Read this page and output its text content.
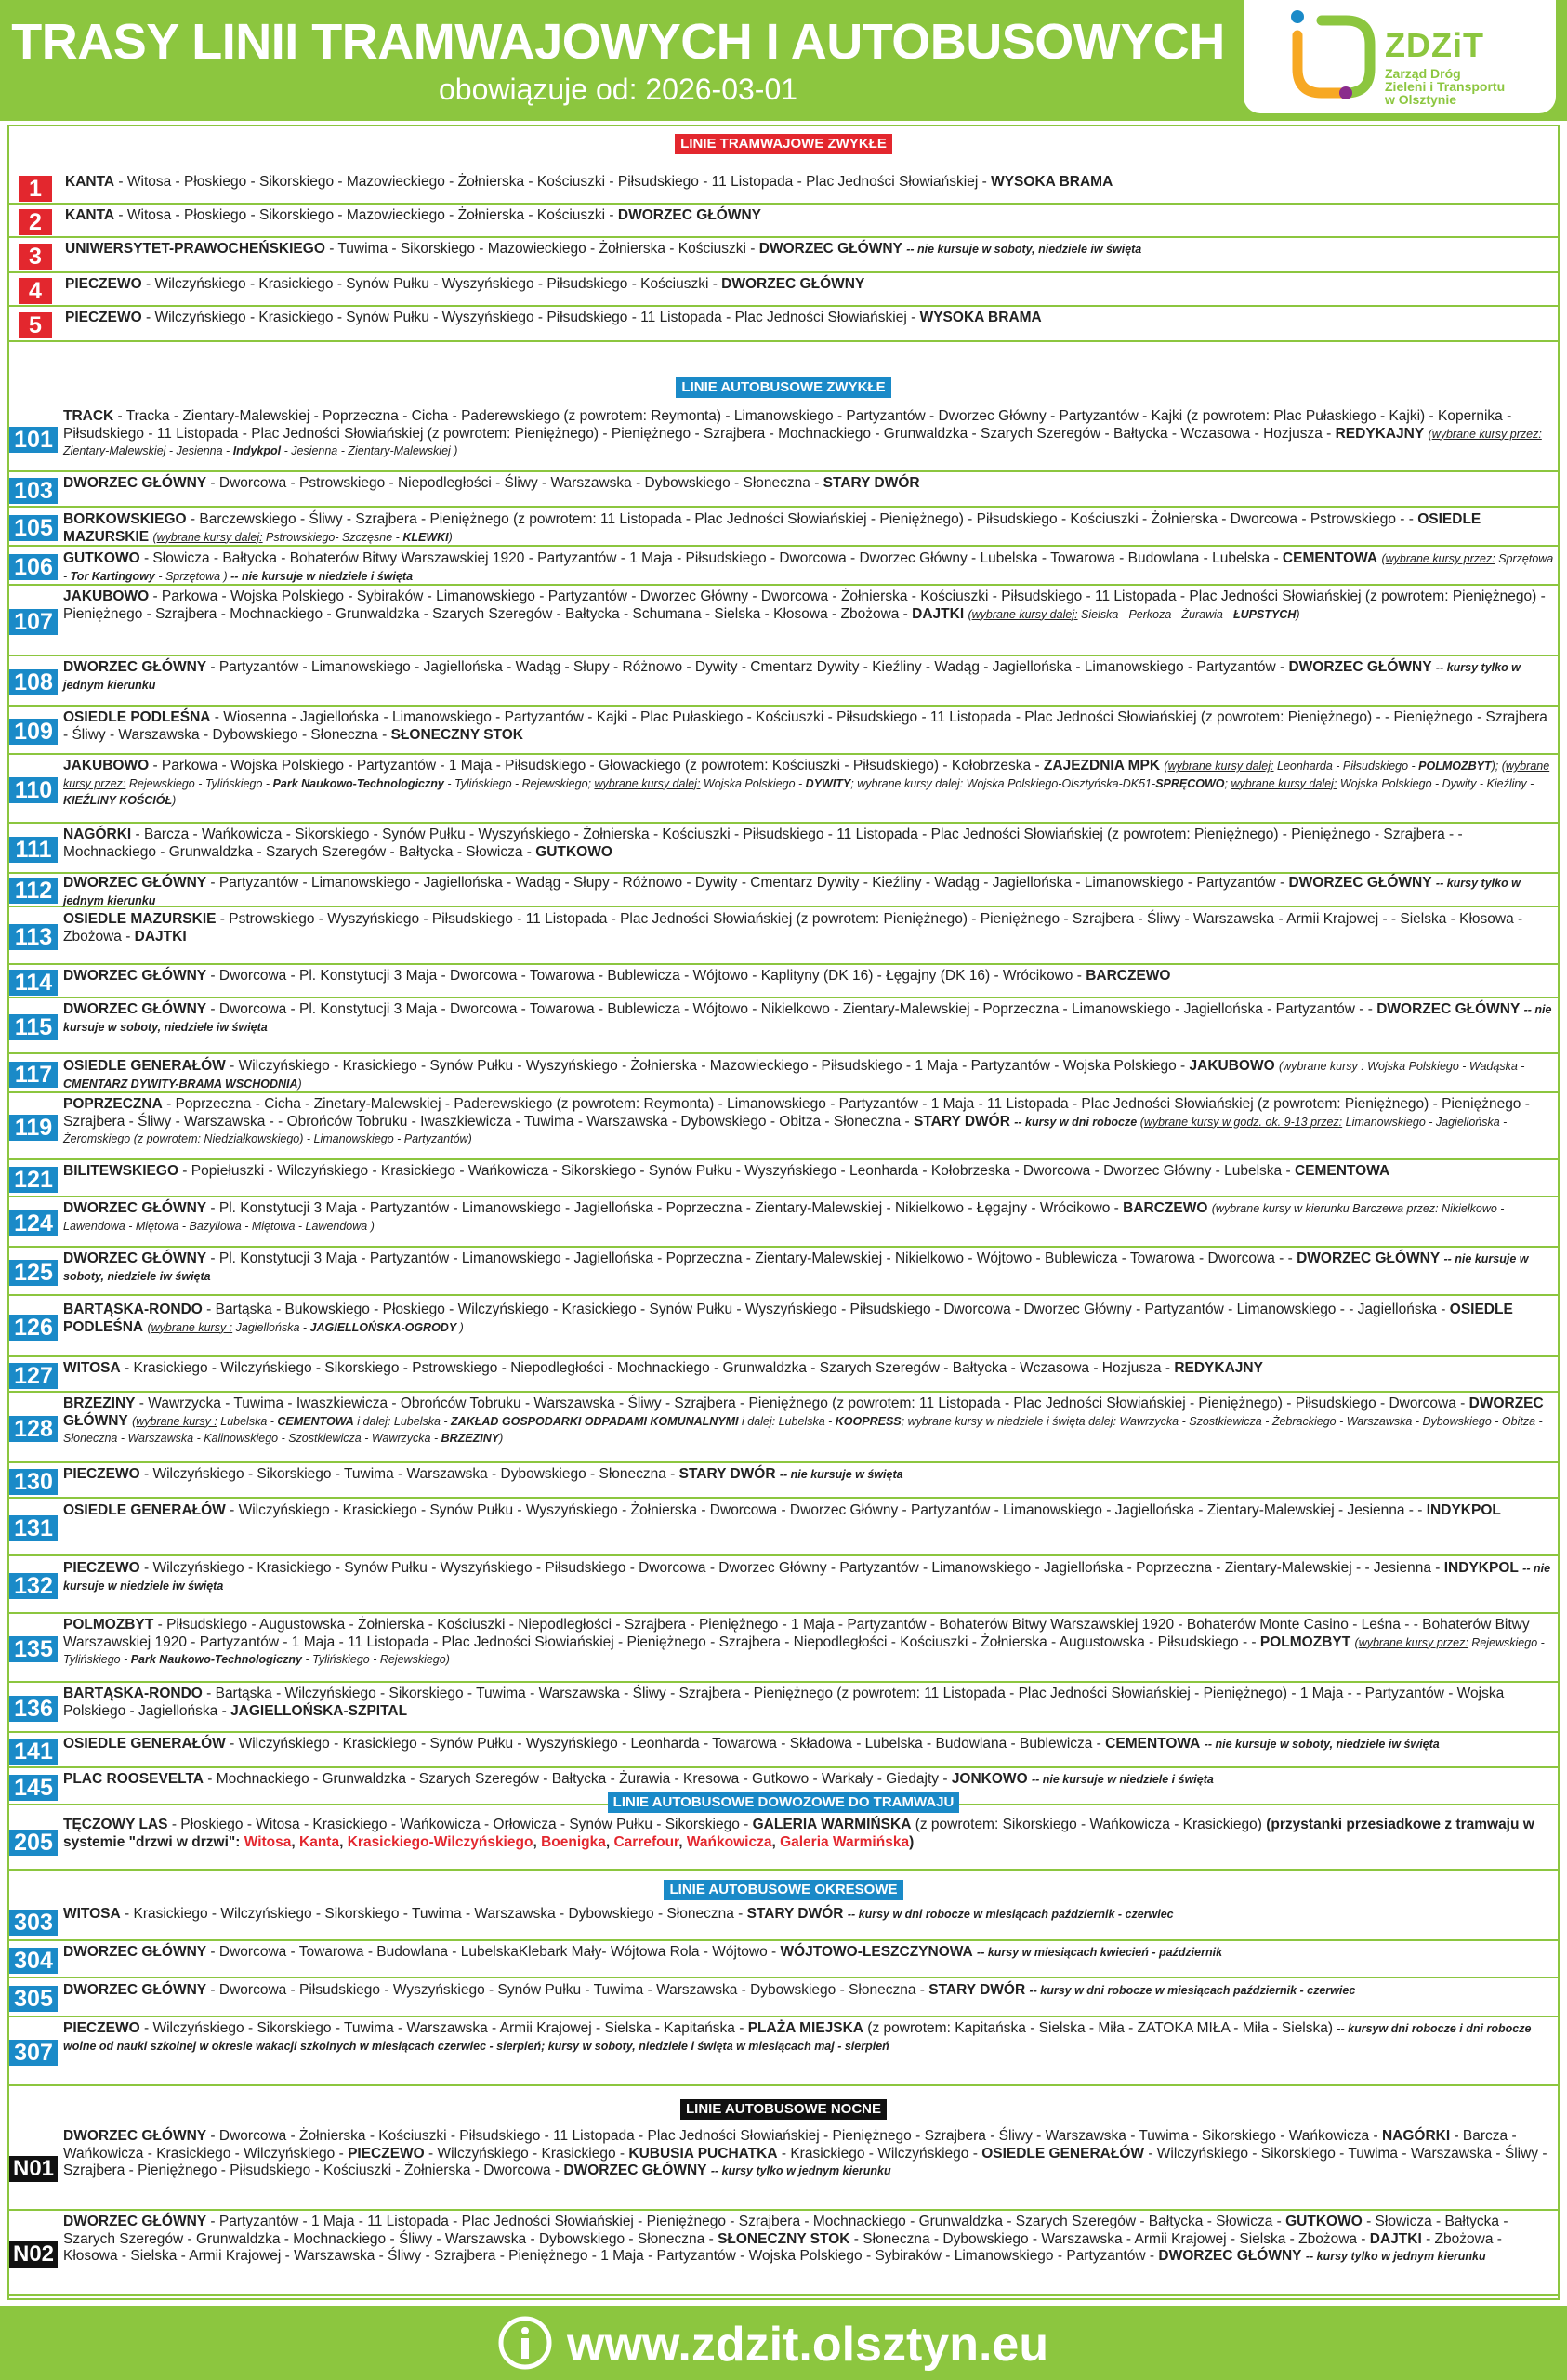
TRASY LINII TRAMWAJOWYCH I AUTOBUSOWYCH
obowiązuje od: 2026-03-01
ZDZiT
Zarząd Dróg
Zieleni i Transportu
w Olsztynie
LINIE TRAMWAJOWE ZWYKŁE
1	KANTA - Witosa - Płoskiego - Sikorskiego - Mazowieckiego - Żołnierska - Kościuszki - Piłsudskiego - 11 Listopada - Plac Jedności Słowiańskiej - WYSOKA BRAMA
2	KANTA - Witosa - Płoskiego - Sikorskiego - Mazowieckiego - Żołnierska - Kościuszki - DWORZEC GŁÓWNY
3	UNIWERSYTET-PRAWOCHEŃSKIEGO - Tuwima - Sikorskiego - Mazowieckiego - Żołnierska - Kościuszki - DWORZEC GŁÓWNY -- nie kursuje w soboty, niedziele iw święta
4	PIECZEWO - Wilczyńskiego - Krasickiego - Synów Pułku - Wyszyńskiego - Piłsudskiego - Kościuszki - DWORZEC GŁÓWNY
5	PIECZEWO - Wilczyńskiego - Krasickiego - Synów Pułku - Wyszyńskiego - Piłsudskiego - 11 Listopada - Plac Jedności Słowiańskiej - WYSOKA BRAMA
LINIE AUTOBUSOWE ZWYKŁE
101
TRACK - Tracka - Zientary-Malewskiej - Poprzeczna - Cicha - Paderewskiego (z powrotem: Reymonta) - Limanowskiego - Partyzantów - Dworzec Główny - Partyzantów - Kajki (z powrotem: Plac Pułaskiego - Kajki) - Kopernika - Piłsudskiego - 11 Listopada - Plac Jedności Słowiańskiej (z powrotem: Pieniężnego) - Pieniężnego - Szrajbera - Mochnackiego - Grunwaldzka - Szarych Szeregów - Bałtycka - Wczasowa - Hozjusza - REDYKAJNY (wybrane kursy przez: Zientary-Malewskiej - Jesienna - Indykpol - Jesienna - Zientary-Malewskiej )
103 DWORZEC GŁÓWNY - Dworcowa - Pstrowskiego - Niepodległości - Śliwy - Warszawska - Dybowskiego - Słoneczna - STARY DWÓR
105 BORKOWSKIEGO - Barczewskiego - Śliwy - Szrajbera - Pieniężnego (z powrotem: 11 Listopada - Plac Jedności Słowiańskiej - Pieniężnego) - Piłsudskiego - Kościuszki - Żołnierska - Dworcowa - Pstrowskiego - - OSIEDLE MAZURSKIE (wybrane kursy dalej: Pstrowskiego- Szczęsne - KLEWKI)
106 GUTKOWO - Słowicza - Bałtycka - Bohaterów Bitwy Warszawskiej 1920 - Partyzantów - 1 Maja - Piłsudskiego - Dworcowa - Dworzec Główny - Lubelska - Towarowa - Budowlana - Lubelska - CEMENTOWA (wybrane kursy przez: Sprzętowa - Tor Kartingowy - Sprzętowa ) -- nie kursuje w niedziele i święta
107
JAKUBOWO - Parkowa - Wojska Polskiego - Sybiraków - Limanowskiego - Partyzantów - Dworzec Główny - Dworcowa - Żołnierska - Kościuszki - Piłsudskiego - 11 Listopada - Plac Jedności Słowiańskiej (z powrotem: Pieniężnego) - Pieniężnego - Szrajbera - Mochnackiego - Grunwaldzka - Szarych Szeregów - Bałtycka - Schumana - Sielska - Kłosowa - Zbożowa - DAJTKI (wybrane kursy dalej: Sielska - Perkoza - Żurawia - ŁUPSTYCH)
108
DWORZEC GŁÓWNY - Partyzantów - Limanowskiego - Jagiellońska - Wadąg - Słupy - Różnowo - Dywity - Cmentarz Dywity - Kieźliny - Wadąg - Jagiellońska - Limanowskiego - Partyzantów - DWORZEC GŁÓWNY -- kursy tylko w jednym kierunku
109
OSIEDLE PODLEŚNA - Wiosenna - Jagiellońska - Limanowskiego - Partyzantów - Kajki - Plac Pułaskiego - Kościuszki - Piłsudskiego - 11 Listopada - Plac Jedności Słowiańskiej (z powrotem: Pieniężnego) - - Pieniężnego - Szrajbera - Śliwy - Warszawska - Dybowskiego - Słoneczna - SŁONECZNY STOK
110
JAKUBOWO - Parkowa - Wojska Polskiego - Partyzantów - 1 Maja - Piłsudskiego - Głowackiego (z powrotem: Kościuszki - Piłsudskiego) - Kołobrzeska - ZAJEZDNIA MPK (wybrane kursy dalej: Leonharda - Piłsudskiego - POLMOZBYT); (wybrane kursy przez: Rejewskiego - Tylińskiego - Park Naukowo-Technologiczny - Tylińskiego - Rejewskiego; wybrane kursy dalej: Wojska Polskiego - DYWITY; wybrane kursy dalej: Wojska Polskiego-Olsztyńska-DK51-SPRĘCOWO; wybrane kursy dalej: Wojska Polskiego - Dywity - Kieźliny - KIEŹLINY KOŚCIÓŁ)
111
NAGÓRKI - Barcza - Wańkowicza - Sikorskiego - Synów Pułku - Wyszyńskiego - Żołnierska - Kościuszki - Piłsudskiego - 11 Listopada - Plac Jedności Słowiańskiej (z powrotem: Pieniężnego) - Pieniężnego - Szrajbera - - Mochnackiego - Grunwaldzka - Szarych Szeregów - Bałtycka - Słowicza - GUTKOWO
112 DWORZEC GŁÓWNY - Partyzantów - Limanowskiego - Jagiellońska - Wadąg - Słupy - Różnowo - Dywity - Cmentarz Dywity - Kieźliny - Wadąg - Jagiellońska - Limanowskiego - Partyzantów - DWORZEC GŁÓWNY -- kursy tylko w jednym kierunku
113
OSIEDLE MAZURSKIE - Pstrowskiego - Wyszyńskiego - Piłsudskiego - 11 Listopada - Plac Jedności Słowiańskiej (z powrotem: Pieniężnego) - Pieniężnego - Szrajbera - Śliwy - Warszawska - Armii Krajowej - - Sielska - Kłosowa - Zbożowa - DAJTKI
114 DWORZEC GŁÓWNY - Dworcowa - Pl. Konstytucji 3 Maja - Dworcowa - Towarowa - Bublewicza - Wójtowo - Kaplityny (DK 16) - Łęgajny (DK 16) - Wrócikowo - BARCZEWO
115
DWORZEC GŁÓWNY - Dworcowa - Pl. Konstytucji 3 Maja - Dworcowa - Towarowa - Bublewicza - Wójtowo - Nikielkowo - Zientary-Malewskiej - Poprzeczna - Limanowskiego - Jagiellońska - Partyzantów - - DWORZEC GŁÓWNY -- nie kursuje w soboty, niedziele iw święta
117 OSIEDLE GENERAŁÓW - Wilczyńskiego - Krasickiego - Synów Pułku - Wyszyńskiego - Żołnierska - Mazowieckiego - Piłsudskiego - 1 Maja - Partyzantów - Wojska Polskiego - JAKUBOWO (wybrane kursy : Wojska Polskiego - Wadąska - CMENTARZ DYWITY-BRAMA WSCHODNIA)
119
POPRZECZNA - Poprzeczna - Cicha - Zinetary-Malewskiej - Paderewskiego (z powrotem: Reymonta) - Limanowskiego - Partyzantów - 1 Maja - 11 Listopada - Plac Jedności Słowiańskiej (z powrotem: Pieniężnego) - Pieniężnego - Szrajbera - Śliwy - Warszawska - - Obrońców Tobruku - Iwaszkiewicza - Tuwima - Warszawska - Dybowskiego - Obitza - Słoneczna - STARY DWÓR -- kursy w dni robocze (wybrane kursy w godz. ok. 9-13 przez: Limanowskiego - Jagiellońska - Żeromskiego (z powrotem: Niedziałkowskiego) - Limanowskiego - Partyzantów)
121 BILITEWSKIEGO - Popiełuszki - Wilczyńskiego - Krasickiego - Wańkowicza - Sikorskiego - Synów Pułku - Wyszyńskiego - Leonharda - Kołobrzeska - Dworcowa - Dworzec Główny - Lubelska - CEMENTOWA
124
DWORZEC GŁÓWNY - Pl. Konstytucji 3 Maja - Partyzantów - Limanowskiego - Jagiellońska - Poprzeczna - Zientary-Malewskiej - Nikielkowo - Łęgajny - Wrócikowo - BARCZEWO (wybrane kursy w kierunku Barczewa przez: Nikielkowo - Lawendowa - Miętowa - Bazyliowa - Miętowa - Lawendowa )
125
DWORZEC GŁÓWNY - Pl. Konstytucji 3 Maja - Partyzantów - Limanowskiego - Jagiellońska - Poprzeczna - Zientary-Malewskiej - Nikielkowo - Wójtowo - Bublewicza - Towarowa - Dworcowa - - DWORZEC GŁÓWNY -- nie kursuje w soboty, niedziele iw święta
126
BARTĄSKA-RONDO - Bartąska - Bukowskiego - Płoskiego - Wilczyńskiego - Krasickiego - Synów Pułku - Wyszyńskiego - Piłsudskiego - Dworcowa - Dworzec Główny - Partyzantów - Limanowskiego - - Jagiellońska - OSIEDLE PODLEŚNA (wybrane kursy : Jagiellońska - JAGIELLOŃSKA-OGRODY )
127 WITOSA - Krasickiego - Wilczyńskiego - Sikorskiego - Pstrowskiego - Niepodległości - Mochnackiego - Grunwaldzka - Szarych Szeregów - Bałtycka - Wczasowa - Hozjusza - REDYKAJNY
128
BRZEZINY - Wawrzycka - Tuwima - Iwaszkiewicza - Obrońców Tobruku - Warszawska - Śliwy - Szrajbera - Pieniężnego (z powrotem: 11 Listopada - Plac Jedności Słowiańskiej - Pieniężnego) - Piłsudskiego - Dworcowa - DWORZEC GŁÓWNY (wybrane kursy : Lubelska - CEMENTOWA i dalej: Lubelska - ZAKŁAD GOSPODARKI ODPADAMI KOMUNALNYMI i dalej: Lubelska - KOOPRESS; wybrane kursy w niedziele i święta dalej: Wawrzycka - Szostkiewicza - Żebrackiego - Warszawska - Dybowskiego - Obitza - Słoneczna - Warszawska - Kalinowskiego - Szostkiewicza - Wawrzycka - BRZEZINY)
130 PIECZEWO - Wilczyńskiego - Sikorskiego - Tuwima - Warszawska - Dybowskiego - Słoneczna - STARY DWÓR -- nie kursuje w święta
131
OSIEDLE GENERAŁÓW - Wilczyńskiego - Krasickiego - Synów Pułku - Wyszyńskiego - Żołnierska - Dworcowa - Dworzec Główny - Partyzantów - Limanowskiego - Jagiellońska - Zientary-Malewskiej - Jesienna - - INDYKPOL
132
PIECZEWO - Wilczyńskiego - Krasickiego - Synów Pułku - Wyszyńskiego - Piłsudskiego - Dworcowa - Dworzec Główny - Partyzantów - Limanowskiego - Jagiellońska - Poprzeczna - Zientary-Malewskiej - - Jesienna - INDYKPOL -- nie kursuje w niedziele iw święta
135
POLMOZBYT - Piłsudskiego - Augustowska - Żołnierska - Kościuszki - Niepodległości - Szrajbera - Pieniężnego - 1 Maja - Partyzantów - Bohaterów Bitwy Warszawskiej 1920 - Bohaterów Monte Casino - Leśna - - Bohaterów Bitwy Warszawskiej 1920 - Partyzantów - 1 Maja - 11 Listopada - Plac Jedności Słowiańskiej - Pieniężnego - Szrajbera - Niepodległości - Kościuszki - Żołnierska - Augustowska - Piłsudskiego - - POLMOZBYT (wybrane kursy przez: Rejewskiego - Tylińskiego - Park Naukowo-Technologiczny - Tylińskiego - Rejewskiego)
136
BARTĄSKA-RONDO - Bartąska - Wilczyńskiego - Sikorskiego - Tuwima - Warszawska - Śliwy - Szrajbera - Pieniężnego (z powrotem: 11 Listopada - Plac Jedności Słowiańskiej - Pieniężnego) - 1 Maja - - Partyzantów - Wojska Polskiego - Jagiellońska - JAGIELLOŃSKA-SZPITAL
141 OSIEDLE GENERAŁÓW - Wilczyńskiego - Krasickiego - Synów Pułku - Wyszyńskiego - Leonharda - Towarowa - Składowa - Lubelska - Budowlana - Bublewicza - CEMENTOWA -- nie kursuje w soboty, niedziele iw święta
145 PLAC ROOSEVELTA - Mochnackiego - Grunwaldzka - Szarych Szeregów - Bałtycka - Żurawia - Kresowa - Gutkowo - Warkały - Giedajty - JONKOWO -- nie kursuje w niedziele i święta
LINIE AUTOBUSOWE DOWOZOWE DO TRAMWAJU
205
TĘCZOWY LAS - Płoskiego - Witosa - Krasickiego - Wańkowicza - Orłowicza - Synów Pułku - Sikorskiego - GALERIA WARMIŃSKA (z powrotem: Sikorskiego - Wańkowicza - Krasickiego) (przystanki przesiadkowe z tramwaju w systemie "drzwi w drzwi": Witosa, Kanta, Krasickiego-Wilczyńskiego, Boenigka, Carrefour, Wańkowicza, Galeria Warmińska)
LINIE AUTOBUSOWE OKRESOWE
303 WITOSA - Krasickiego - Wilczyńskiego - Sikorskiego - Tuwima - Warszawska - Dybowskiego - Słoneczna - STARY DWÓR -- kursy w dni robocze w miesiącach październik - czerwiec
304 DWORZEC GŁÓWNY - Dworcowa - Towarowa - Budowlana - LubelskaKlebark Mały- Wójtowa Rola - Wójtowo - WÓJTOWO-LESZCZYNOWA -- kursy w miesiącach kwiecień - październik
305 DWORZEC GŁÓWNY - Dworcowa - Piłsudskiego - Wyszyńskiego - Synów Pułku - Tuwima - Warszawska - Dybowskiego - Słoneczna - STARY DWÓR -- kursy w dni robocze w miesiącach październik - czerwiec
307
PIECZEWO - Wilczyńskiego - Sikorskiego - Tuwima - Warszawska - Armii Krajowej - Sielska - Kapitańska - PLAŻA MIEJSKA (z powrotem: Kapitańska - Sielska - Miła - ZATOKA MIŁA - Miła - Sielska) -- kursyw dni robocze i dni robocze wolne od nauki szkolnej w okresie wakacji szkolnych w miesiącach czerwiec - sierpień; kursy w soboty, niedziele i święta w miesiącach maj - sierpień
LINIE AUTOBUSOWE NOCNE
N01
DWORZEC GŁÓWNY - Dworcowa - Żołnierska - Kościuszki - Piłsudskiego - 11 Listopada - Plac Jedności Słowiańskiej - Pieniężnego - Szrajbera - Śliwy - Warszawska - Tuwima - Sikorskiego - Wańkowicza - NAGÓRKI - Barcza - Wańkowicza - Krasickiego - Wilczyńskiego - PIECZEWO - Wilczyńskiego - Krasickiego - KUBUSIA PUCHATKA - Krasickiego - Wilczyńskiego - OSIEDLE GENERAŁÓW - Wilczyńskiego - Sikorskiego - Tuwima - Warszawska - Śliwy - Szrajbera - Pieniężnego - Piłsudskiego - Kościuszki - Żołnierska - Dworcowa - DWORZEC GŁÓWNY -- kursy tylko w jednym kierunku
N02
DWORZEC GŁÓWNY - Partyzantów - 1 Maja - 11 Listopada - Plac Jedności Słowiańskiej - Pieniężnego - Szrajbera - Mochnackiego - Grunwaldzka - Szarych Szeregów - Bałtycka - Słowicza - GUTKOWO - Słowicza - Bałtycka - Szarych Szeregów - Grunwaldzka - Mochnackiego - Śliwy - Warszawska - Dybowskiego - Słoneczna - SŁONECZNY STOK - Słoneczna - Dybowskiego - Warszawska - Armii Krajowej - Sielska - Zbożowa - DAJTKI - Zbożowa - Kłosowa - Sielska - Armii Krajowej - Warszawska - Śliwy - Szrajbera - Pieniężnego - 1 Maja - Partyzantów - Wojska Polskiego - Sybiraków - Limanowskiego - Partyzantów - DWORZEC GŁÓWNY -- kursy tylko w jednym kierunku
www.zdzit.olsztyn.eu
